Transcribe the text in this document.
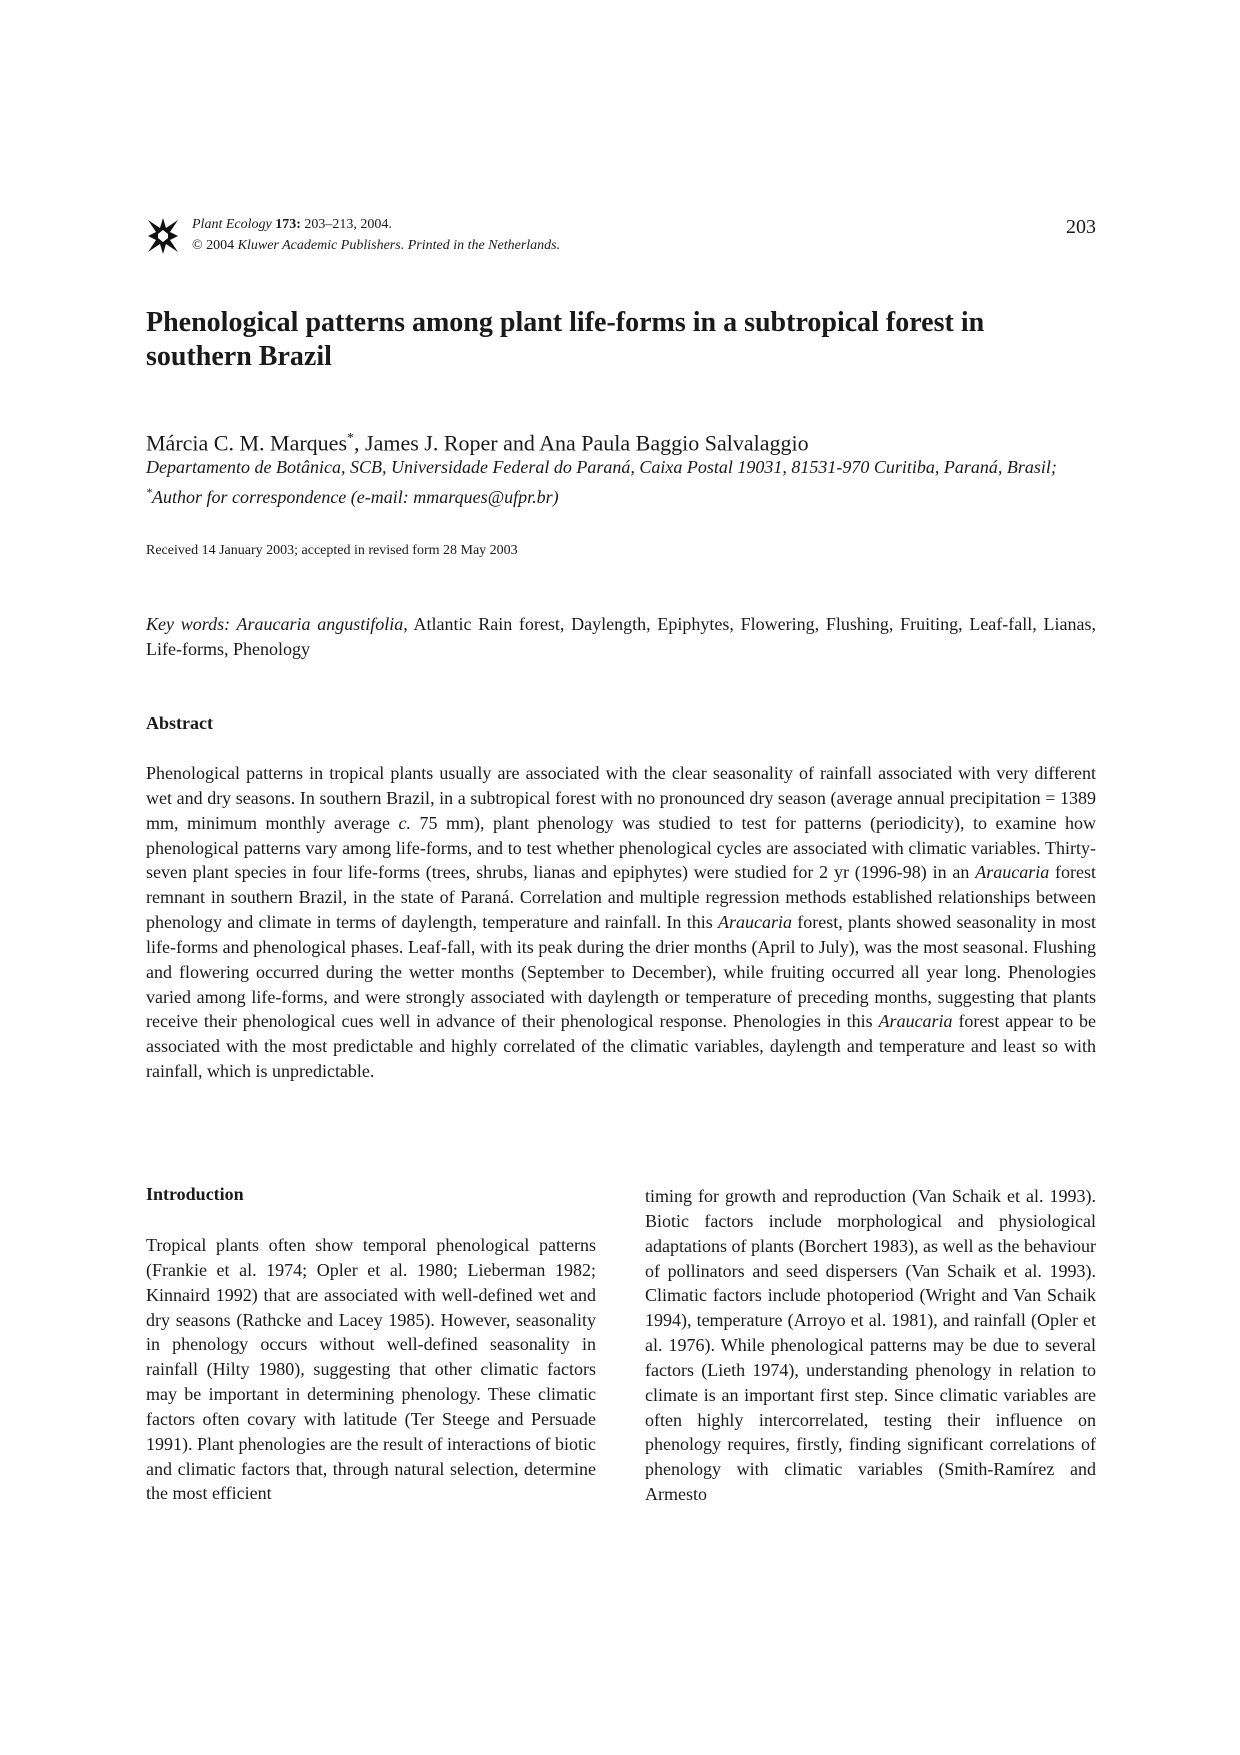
Plant Ecology 173: 203–213, 2004.
© 2004 Kluwer Academic Publishers. Printed in the Netherlands.
203
Phenological patterns among plant life-forms in a subtropical forest in southern Brazil
Márcia C. M. Marques*, James J. Roper and Ana Paula Baggio Salvalaggio
Departamento de Botânica, SCB, Universidade Federal do Paraná, Caixa Postal 19031, 81531-970 Curitiba, Paraná, Brasil; *Author for correspondence (e-mail: mmarques@ufpr.br)
Received 14 January 2003; accepted in revised form 28 May 2003
Key words: Araucaria angustifolia, Atlantic Rain forest, Daylength, Epiphytes, Flowering, Flushing, Fruiting, Leaf-fall, Lianas, Life-forms, Phenology
Abstract

Phenological patterns in tropical plants usually are associated with the clear seasonality of rainfall associated with very different wet and dry seasons. In southern Brazil, in a subtropical forest with no pronounced dry season (average annual precipitation = 1389 mm, minimum monthly average c. 75 mm), plant phenology was studied to test for patterns (periodicity), to examine how phenological patterns vary among life-forms, and to test whether phenological cycles are associated with climatic variables. Thirty-seven plant species in four life-forms (trees, shrubs, lianas and epiphytes) were studied for 2 yr (1996-98) in an Araucaria forest remnant in southern Brazil, in the state of Paraná. Correlation and multiple regression methods established relationships between phenology and climate in terms of daylength, temperature and rainfall. In this Araucaria forest, plants showed seasonality in most life-forms and phenological phases. Leaf-fall, with its peak during the drier months (April to July), was the most seasonal. Flushing and flowering occurred during the wetter months (September to December), while fruiting occurred all year long. Phenologies varied among life-forms, and were strongly associated with daylength or temperature of preceding months, suggesting that plants receive their phenological cues well in advance of their phenological response. Phenologies in this Araucaria forest appear to be associated with the most predictable and highly correlated of the climatic variables, daylength and temperature and least so with rainfall, which is unpredictable.

Introduction

Tropical plants often show temporal phenological patterns (Frankie et al. 1974; Opler et al. 1980; Lieberman 1982; Kinnaird 1992) that are associated with well-defined wet and dry seasons (Rathcke and Lacey 1985). However, seasonality in phenology occurs without well-defined seasonality in rainfall (Hilty 1980), suggesting that other climatic factors may be important in determining phenology. These climatic factors often covary with latitude (Ter Steege and Persuade 1991). Plant phenologies are the result of interactions of biotic and climatic factors that, through natural selection, determine the most efficient

timing for growth and reproduction (Van Schaik et al. 1993). Biotic factors include morphological and physiological adaptations of plants (Borchert 1983), as well as the behaviour of pollinators and seed dispersers (Van Schaik et al. 1993). Climatic factors include photoperiod (Wright and Van Schaik 1994), temperature (Arroyo et al. 1981), and rainfall (Opler et al. 1976). While phenological patterns may be due to several factors (Lieth 1974), understanding phenology in relation to climate is an important first step. Since climatic variables are often highly intercorrelated, testing their influence on phenology requires, firstly, finding significant correlations of phenology with climatic variables (Smith-Ramírez and Armesto
